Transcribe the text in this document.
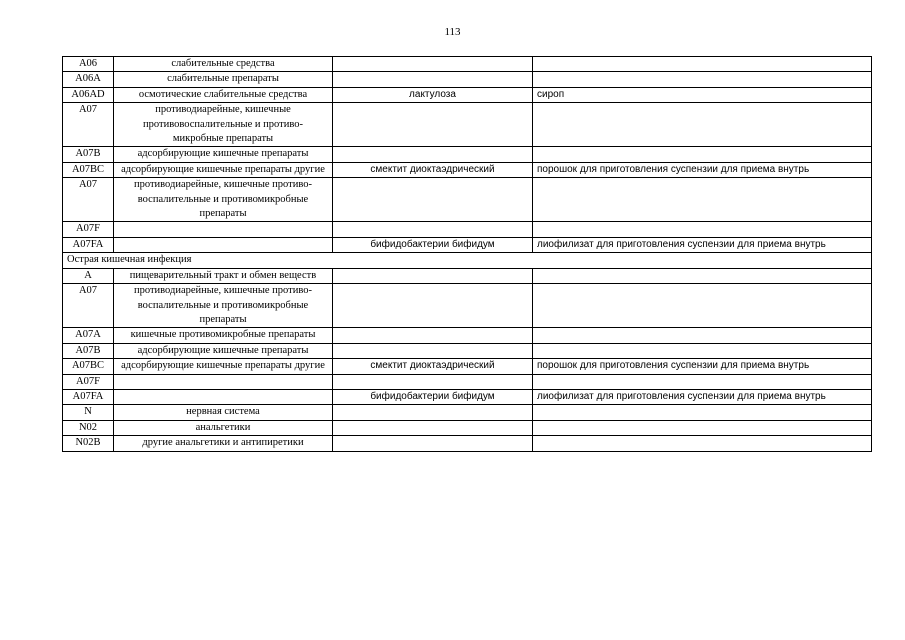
113
A06	слабительные средства		
A06A	слабительные препараты		
A06AD	осмотические слабительные средства	лактулоза	сироп
A07	противодиарейные, кишечные противовоспалительные и противо-микробные препараты		
A07B	адсорбирующие кишечные препараты		
A07BC	адсорбирующие кишечные препараты другие	смектит диоктаэдрический	порошок для приготовления суспензии для приема внутрь
A07	противодиарейные, кишечные противо-воспалительные и противомикробные препараты		
A07F			
A07FA		бифидобактерии бифидум	лиофилизат для приготовления суспензии для приема внутрь
Острая кишечная инфекция			
A	пищеварительный тракт и обмен веществ		
A07	противодиарейные, кишечные противо-воспалительные и противомикробные препараты		
A07A	кишечные противомикробные препараты		
A07B	адсорбирующие кишечные препараты		
A07BC	адсорбирующие кишечные препараты другие	смектит диоктаэдрический	порошок для приготовления суспензии для приема внутрь
A07F			
A07FA		бифидобактерии бифидум	лиофилизат для приготовления суспензии для приема внутрь
N	нервная система		
N02	анальгетики		
N02B	другие анальгетики и антипиретики		
